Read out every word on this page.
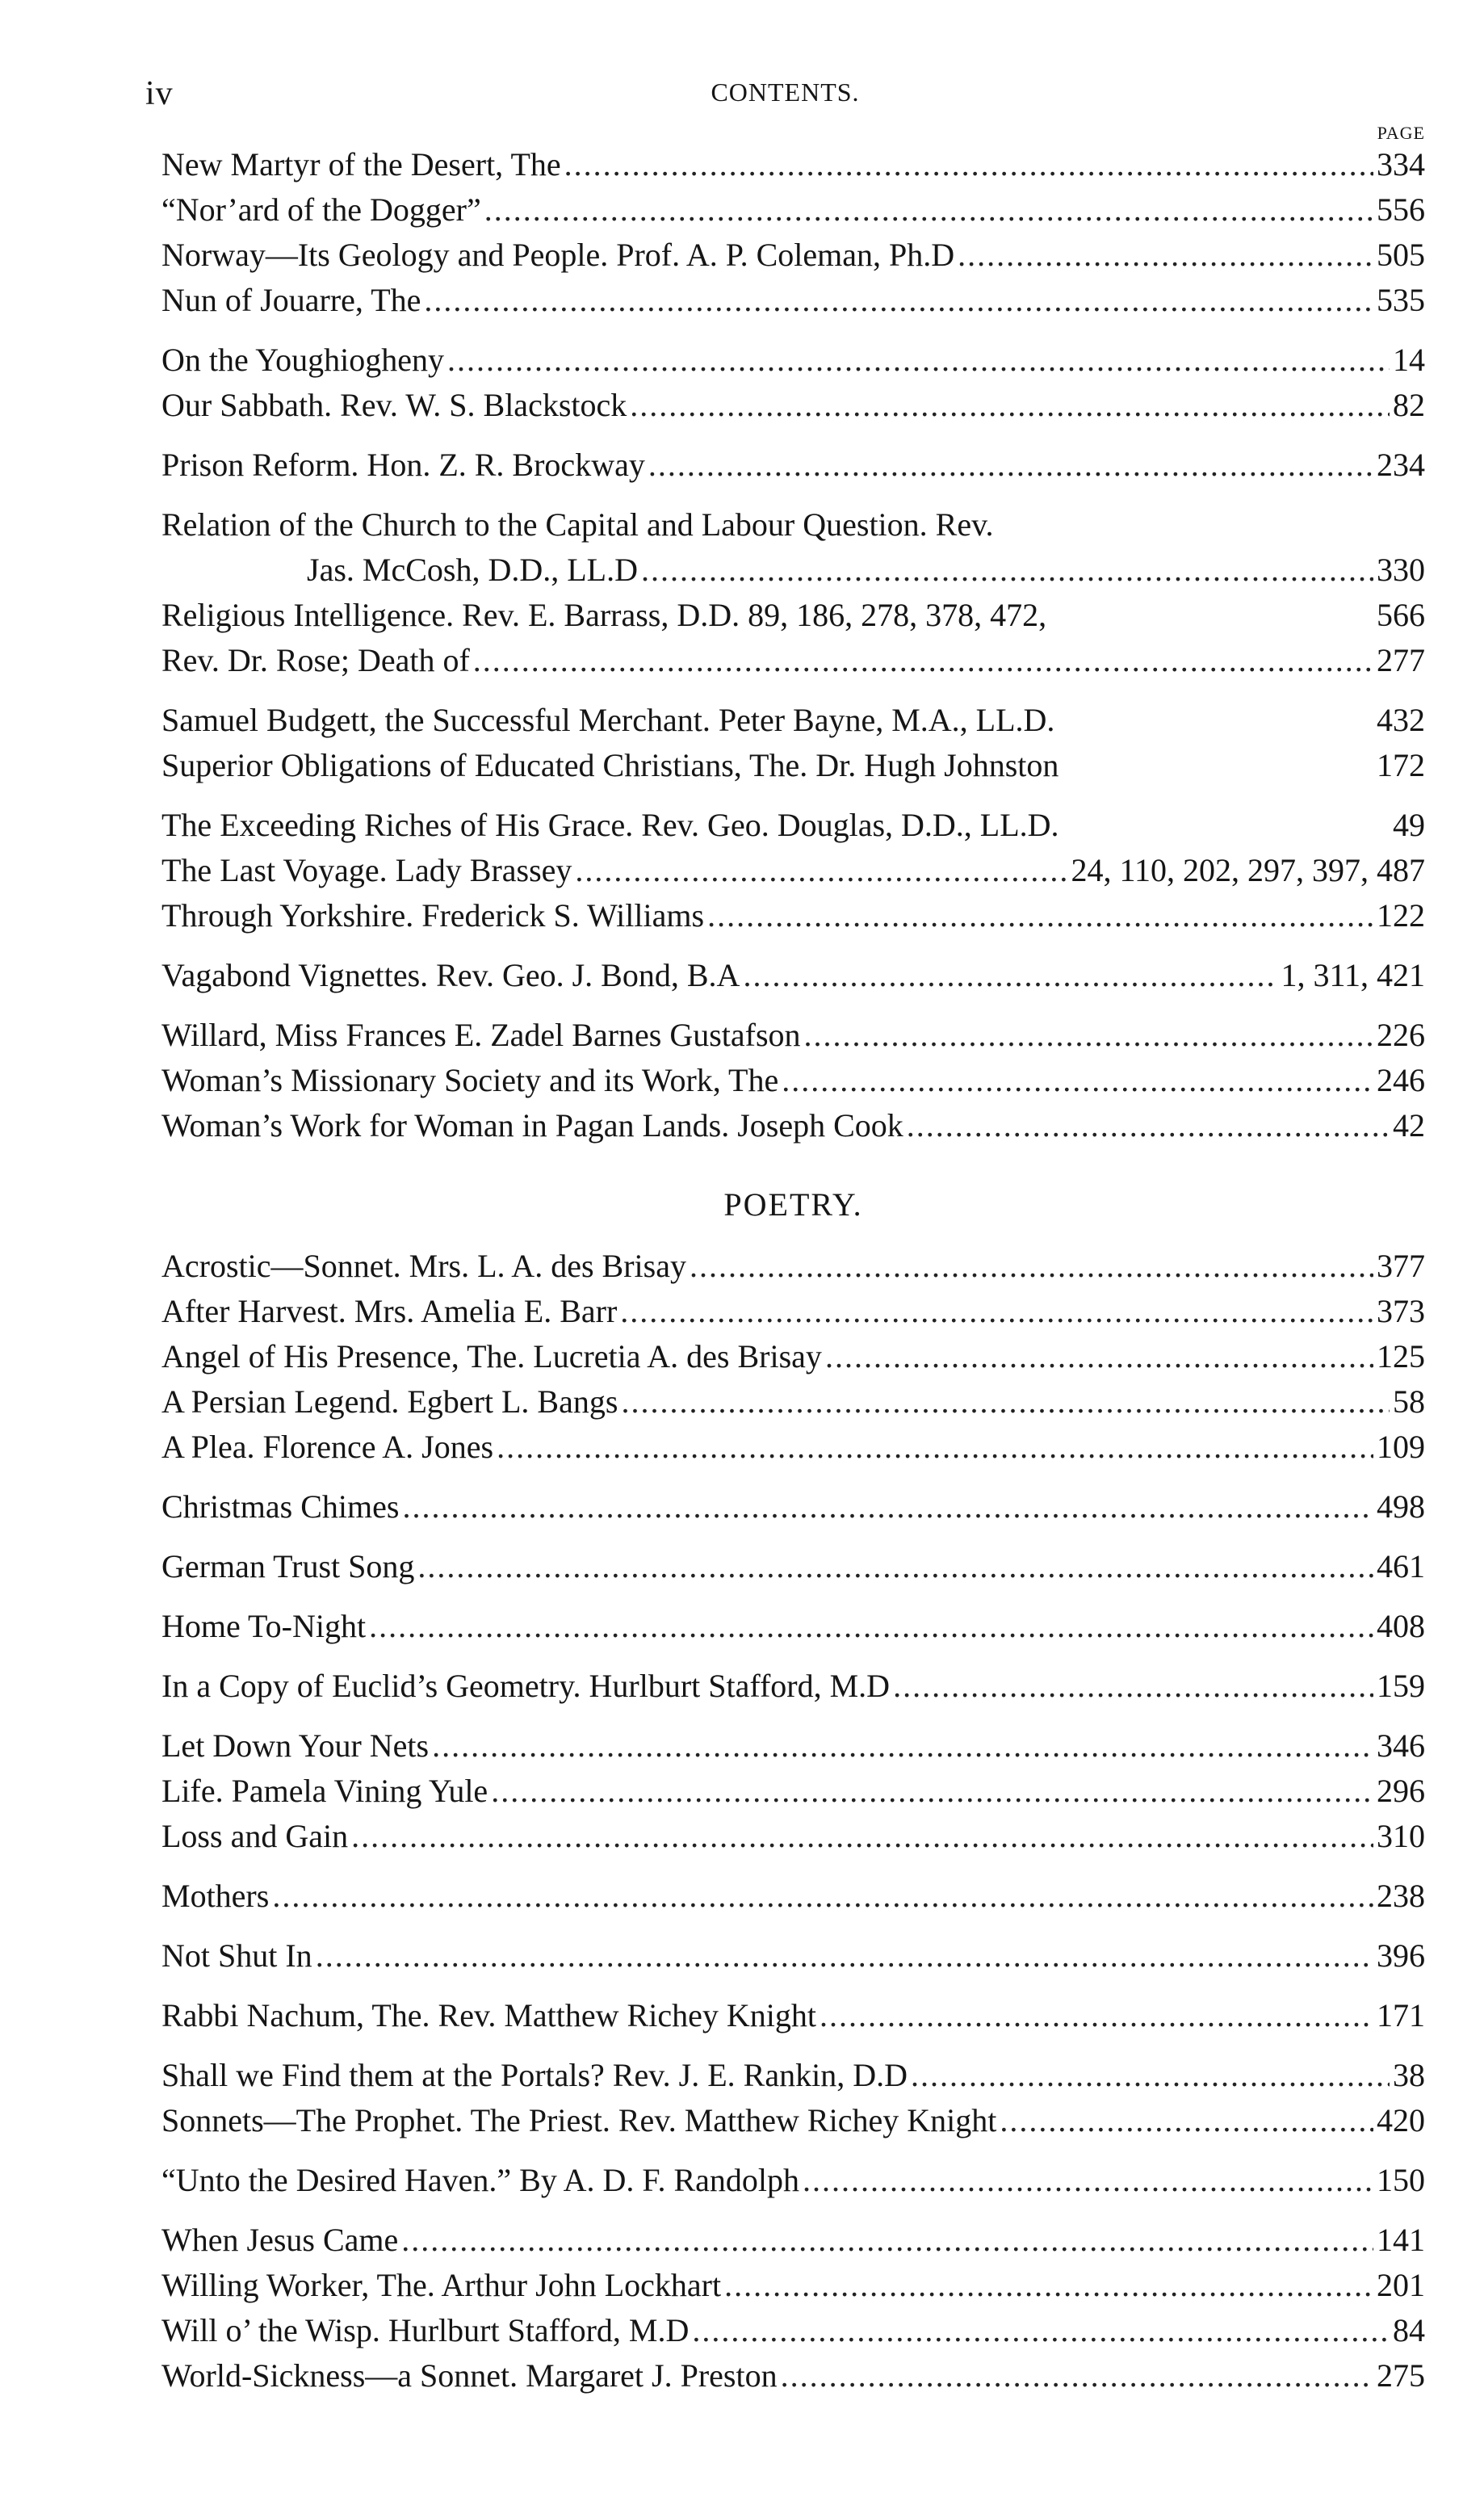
iv	CONTENTS.
PAGE
New Martyr of the Desert, The . . .	334
“Nor’ard of the Dogger” . . .	556
Norway—Its Geology and People. Prof. A. P. Coleman, Ph.D . . .	505
Nun of Jouarre, The . . .	535
On the Youghiogheny . . .	14
Our Sabbath. Rev. W. S. Blackstock . . .	82
Prison Reform. Hon. Z. R. Brockway . . .	234
Relation of the Church to the Capital and Labour Question. Rev.
Jas. McCosh, D.D., LL.D . . .	330
Religious Intelligence. Rev. E. Barrass, D.D. 89, 186, 278, 378, 472,	566
Rev. Dr. Rose; Death of . . .	277
Samuel Budgett, the Successful Merchant. Peter Bayne, M.A., LL.D.	432
Superior Obligations of Educated Christians, The. Dr. Hugh Johnston	172
The Exceeding Riches of His Grace. Rev. Geo. Douglas, D.D., LL.D.	49
The Last Voyage. Lady Brassey . . .	24, 110, 202, 297, 397, 487
Through Yorkshire. Frederick S. Williams . . .	122
Vagabond Vignettes. Rev. Geo. J. Bond, B.A . . .	1, 311, 421
Willard, Miss Frances E. Zadel Barnes Gustafson . . .	226
Woman’s Missionary Society and its Work, The . . .	246
Woman’s Work for Woman in Pagan Lands. Joseph Cook . . .	42
POETRY.
Acrostic—Sonnet. Mrs. L. A. des Brisay . . .	377
After Harvest. Mrs. Amelia E. Barr . . .	373
Angel of His Presence, The. Lucretia A. des Brisay . . .	125
A Persian Legend. Egbert L. Bangs . . .	58
A Plea. Florence A. Jones . . .	109
Christmas Chimes . . .	498
German Trust Song . . .	461
Home To-Night . . .	408
In a Copy of Euclid’s Geometry. Hurlburt Stafford, M.D . . .	159
Let Down Your Nets . . .	346
Life. Pamela Vining Yule . . .	296
Loss and Gain . . .	310
Mothers . . .	238
Not Shut In . . .	396
Rabbi Nachum, The. Rev. Matthew Richey Knight . . .	171
Shall we Find them at the Portals? Rev. J. E. Rankin, D.D . . .	38
Sonnets—The Prophet. The Priest. Rev. Matthew Richey Knight . . .	420
“Unto the Desired Haven.” By A. D. F. Randolph . . .	150
When Jesus Came . . .	141
Willing Worker, The. Arthur John Lockhart . . .	201
Will o’ the Wisp. Hurlburt Stafford, M.D . . .	84
World-Sickness—a Sonnet. Margaret J. Preston . . .	275
